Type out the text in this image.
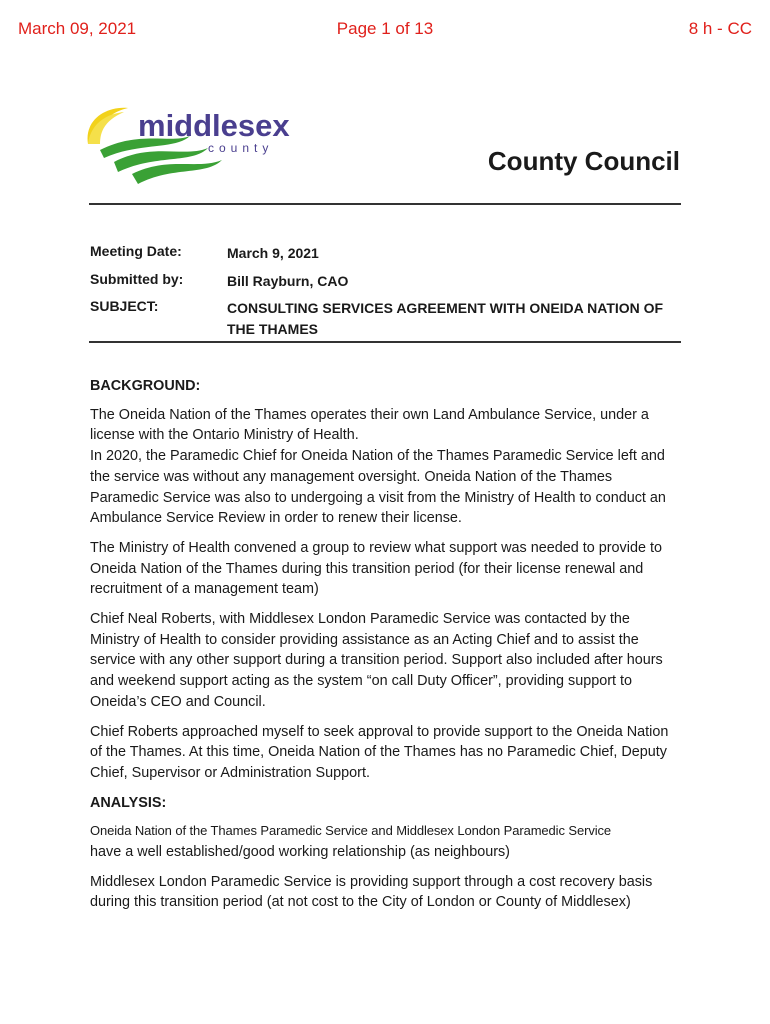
March 09, 2021	Page 1 of 13	8 h - CC
middlesex
county	County Council
Meeting Date:	March 9, 2021
Submitted by:	Bill Rayburn, CAO
SUBJECT:	CONSULTING SERVICES AGREEMENT WITH ONEIDA NATION OF THE THAMES

BACKGROUND:

The Oneida Nation of the Thames operates their own Land Ambulance Service, under a license with the Ontario Ministry of Health.

In 2020, the Paramedic Chief for Oneida Nation of the Thames Paramedic Service left and the service was without any management oversight. Oneida Nation of the Thames Paramedic Service was also to undergoing a visit from the Ministry of Health to conduct an Ambulance Service Review in order to renew their license.

The Ministry of Health convened a group to review what support was needed to provide to Oneida Nation of the Thames during this transition period (for their license renewal and recruitment of a management team)

Chief Neal Roberts, with Middlesex London Paramedic Service was contacted by the Ministry of Health to consider providing assistance as an Acting Chief and to assist the service with any other support during a transition period. Support also included after hours and weekend support acting as the system “on call Duty Officer”, providing support to Oneida’s CEO and Council.

Chief Roberts approached myself to seek approval to provide support to the Oneida Nation of the Thames. At this time, Oneida Nation of the Thames has no Paramedic Chief, Deputy Chief, Supervisor or Administration Support.

ANALYSIS:

Oneida Nation of the Thames Paramedic Service and Middlesex London Paramedic Service

have a well established/good working relationship (as neighbours)

Middlesex London Paramedic Service is providing support through a cost recovery basis during this transition period (at not cost to the City of London or County of Middlesex)
